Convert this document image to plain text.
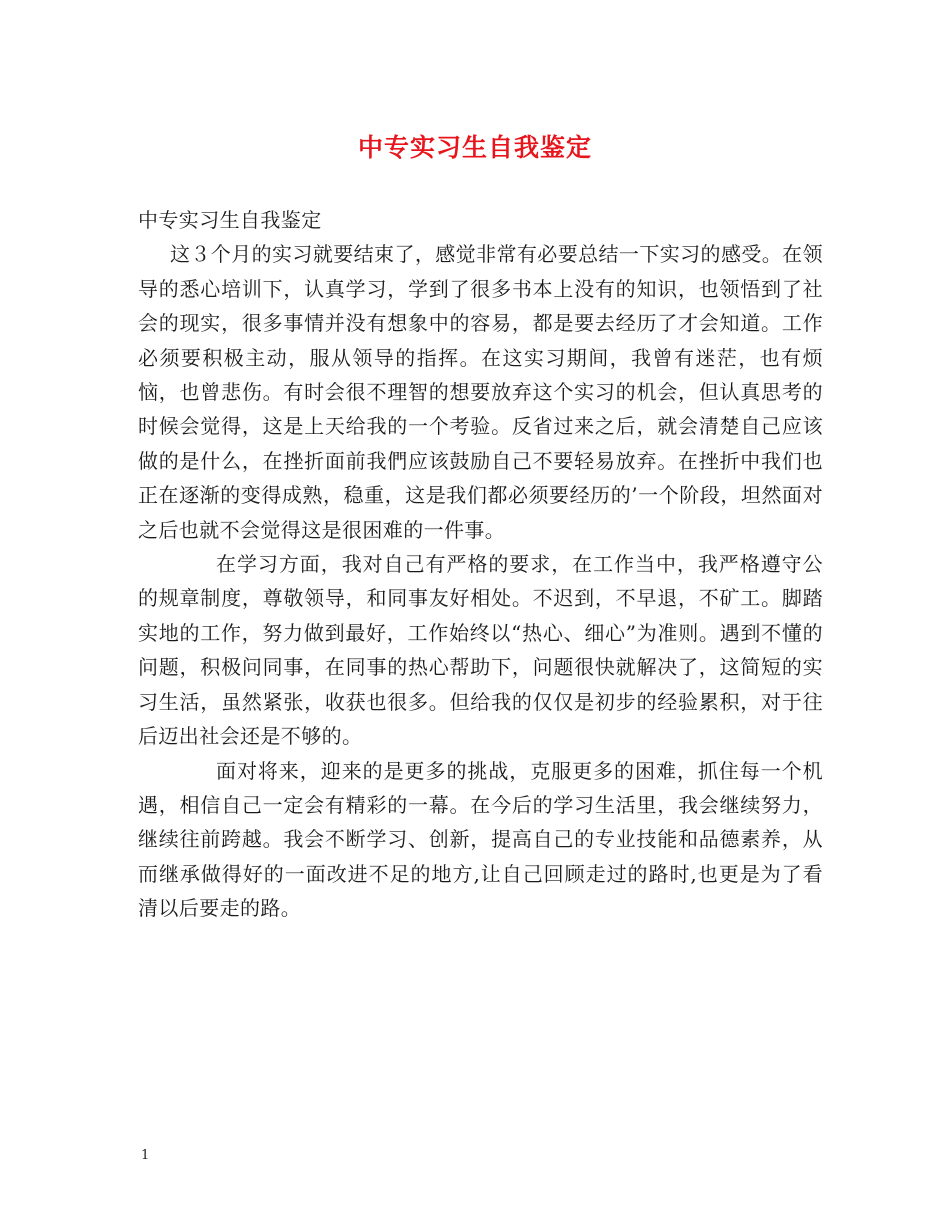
中专实习生自我鉴定

中专实习生自我鉴定

这３个月的实习就要结束了，感觉非常有必要总结一下实习的感受。在领导的悉心培训下，认真学习，学到了很多书本上没有的知识，也领悟到了社会的现实，很多事情并没有想象中的容易，都是要去经历了才会知道。工作必须要积极主动，服从领导的指挥。在这实习期间，我曾有迷茫，也有烦恼，也曾悲伤。有时会很不理智的想要放弃这个实习的机会，但认真思考的时候会觉得，这是上天给我的一个考验。反省过来之后，就会清楚自己应该做的是什么，在挫折面前我們应该鼓励自己不要轻易放弃。在挫折中我们也正在逐渐的变得成熟，稳重，这是我们都必须要经历的’一个阶段，坦然面对之后也就不会觉得这是很困难的一件事。

在学习方面，我对自己有严格的要求，在工作当中，我严格遵守公的规章制度，尊敬领导，和同事友好相处。不迟到，不早退，不矿工。脚踏实地的工作，努力做到最好，工作始终以“热心、细心”为准则。遇到不懂的问题，积极问同事，在同事的热心帮助下，问题很快就解决了，这简短的实习生活，虽然紧张，收获也很多。但给我的仅仅是初步的经验累积，对于往后迈出社会还是不够的。

面对将来，迎来的是更多的挑战，克服更多的困难，抓住每一个机遇，相信自己一定会有精彩的一幕。在今后的学习生活里，我会继续努力，继续往前跨越。我会不断学习、创新，提高自己的专业技能和品德素养，从而继承做得好的一面改进不足的地方,让自己回顾走过的路时,也更是为了看清以后要走的路。

1
